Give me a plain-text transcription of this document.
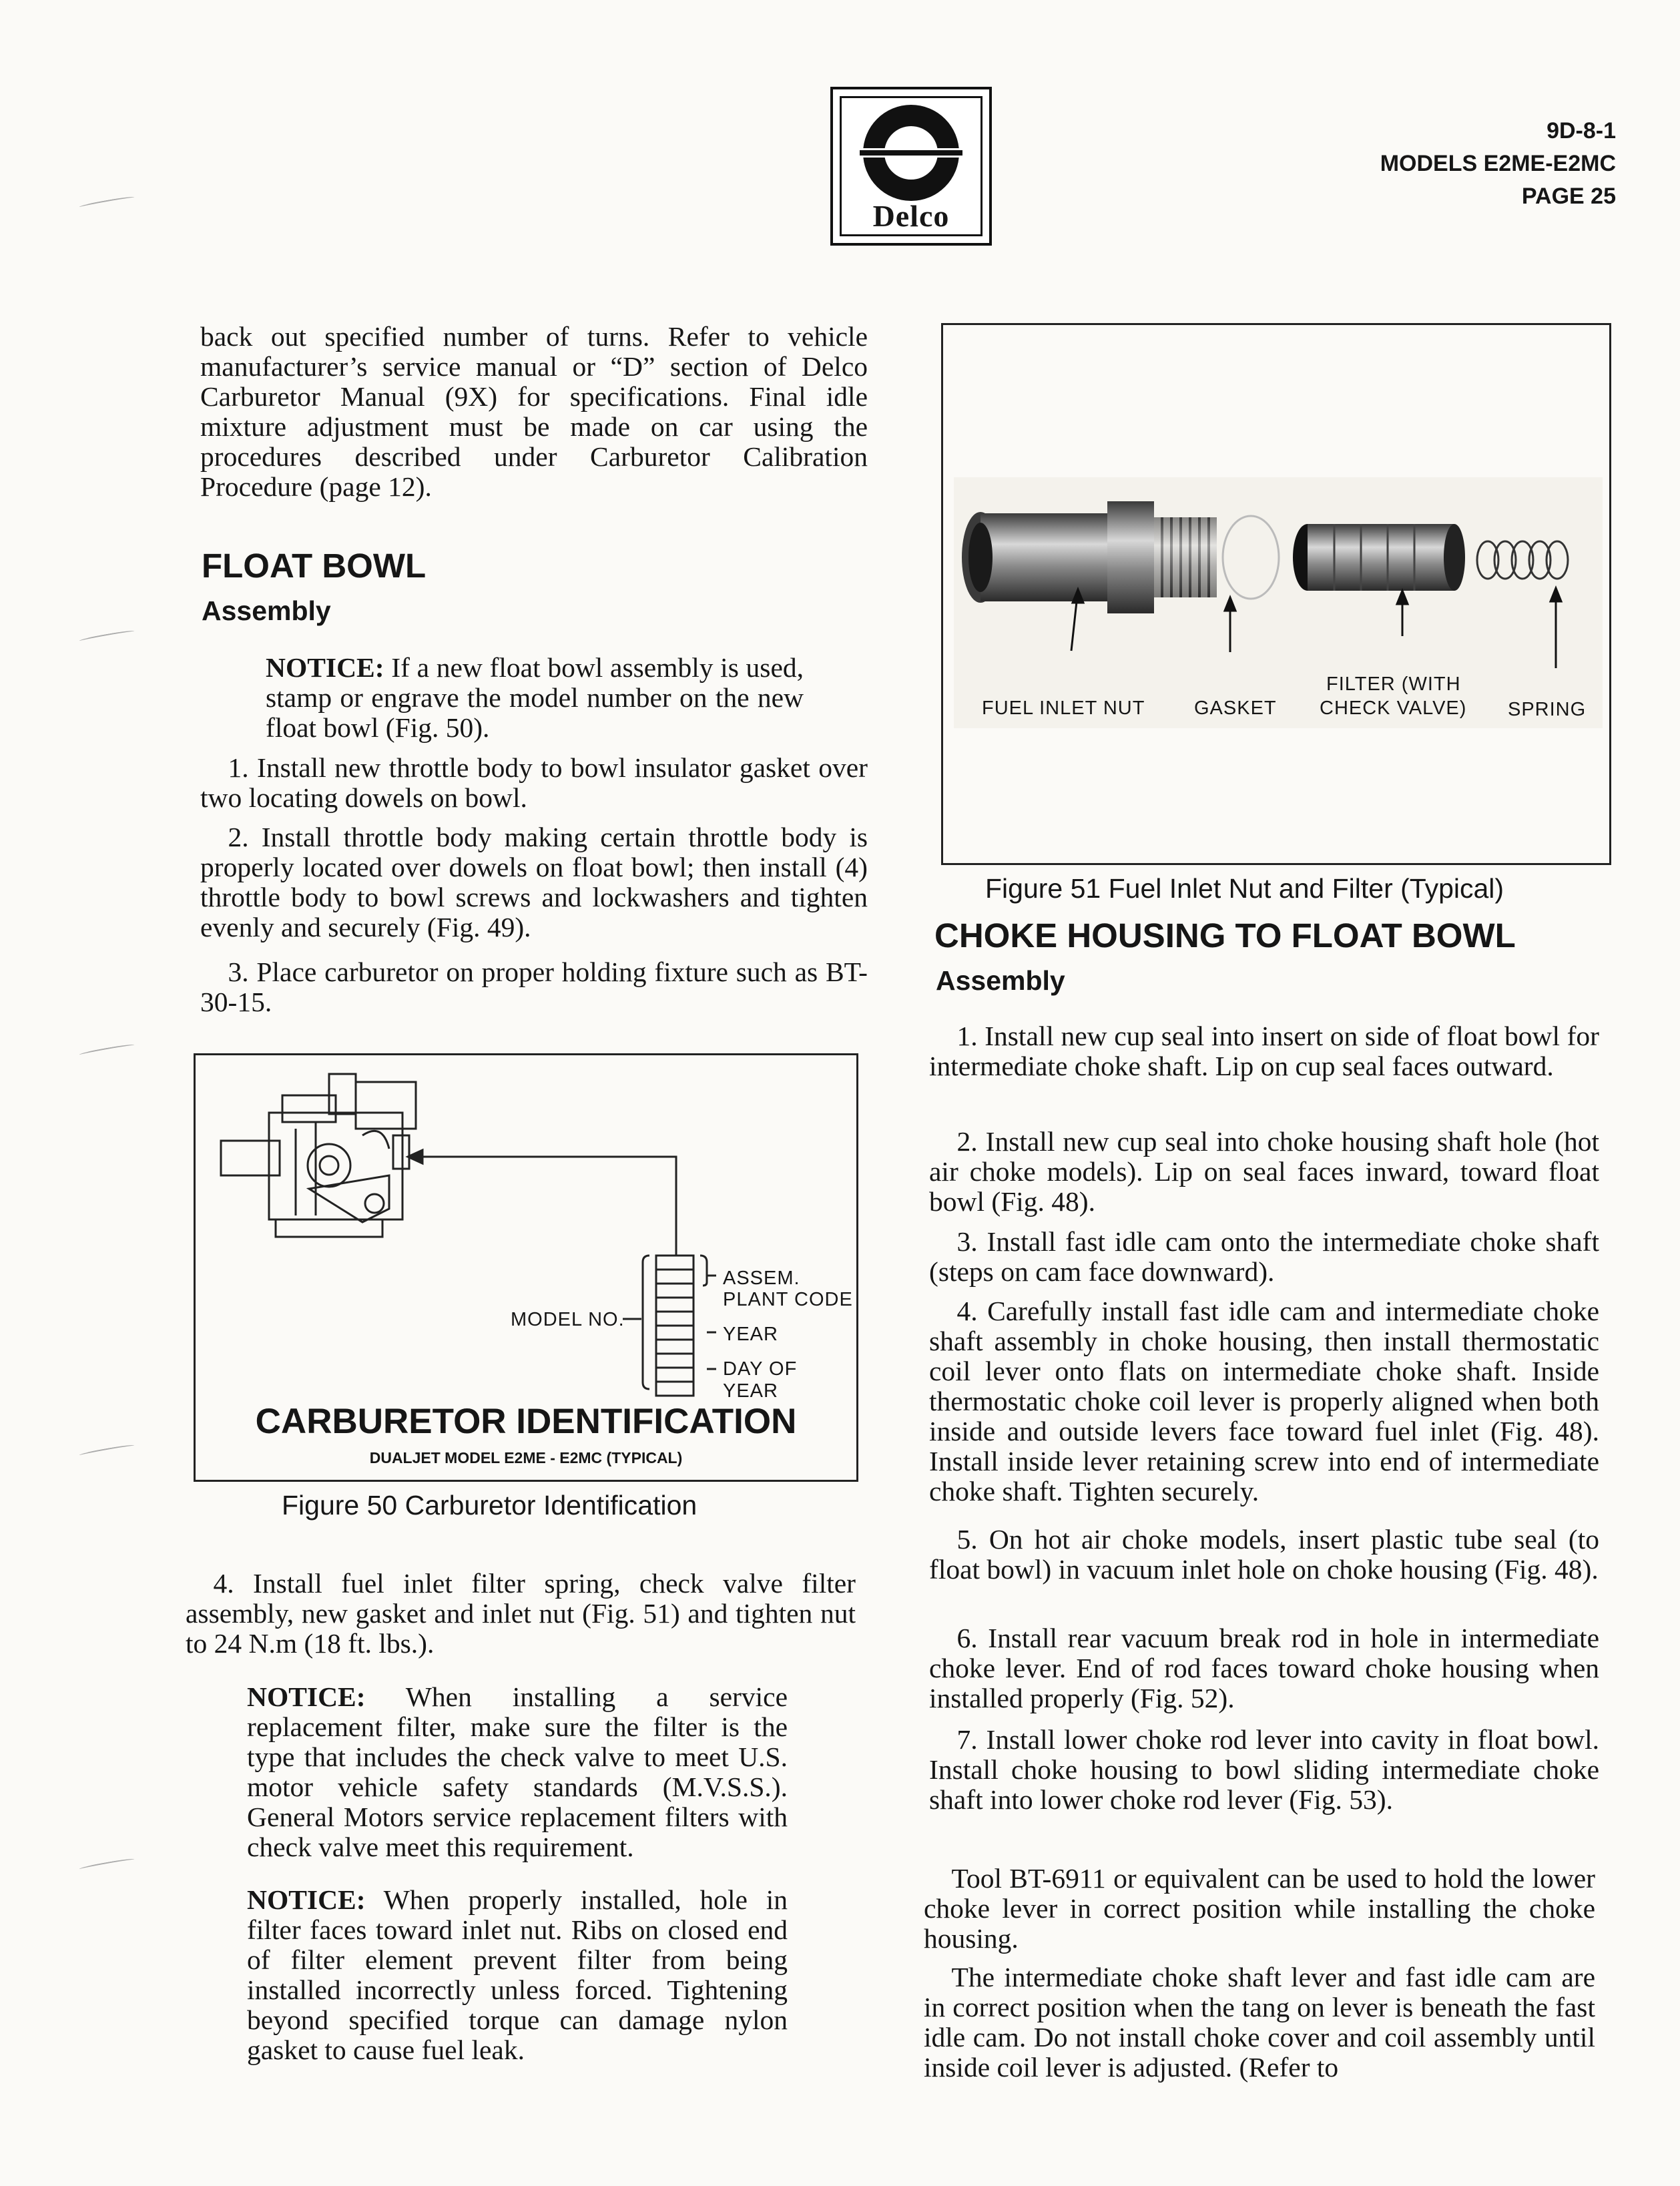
Delco
9D-8-1
MODELS E2ME-E2MC
PAGE 25

back out specified number of turns. Refer to vehicle manufacturer’s service manual or “D” section of Delco Carburetor Manual (9X) for specifications. Final idle mixture adjustment must be made on car using the procedures described under Carburetor Calibration Procedure (page 12).

FLOAT BOWL
Assembly

NOTICE: If a new float bowl assembly is used, stamp or engrave the model number on the new float bowl (Fig. 50).

1. Install new throttle body to bowl insulator gasket over two locating dowels on bowl.

2. Install throttle body making certain throttle body is properly located over dowels on float bowl; then install (4) throttle body to bowl screws and lockwashers and tighten evenly and securely (Fig. 49).

3. Place carburetor on proper holding fixture such as BT-30-15.

MODEL NO.
ASSEM.
PLANT CODE
YEAR
DAY OF YEAR
CARBURETOR IDENTIFICATION
DUALJET MODEL E2ME - E2MC (TYPICAL)
Figure 50 Carburetor Identification

4. Install fuel inlet filter spring, check valve filter assembly, new gasket and inlet nut (Fig. 51) and tighten nut to 24 N.m (18 ft. lbs.).

NOTICE: When installing a service replacement filter, make sure the filter is the type that includes the check valve to meet U.S. motor vehicle safety standards (M.V.S.S.). General Motors service replacement filters with check valve meet this requirement.

NOTICE: When properly installed, hole in filter faces toward inlet nut. Ribs on closed end of filter element prevent filter from being installed incorrectly unless forced. Tightening beyond specified torque can damage nylon gasket to cause fuel leak.

FUEL INLET NUT	GASKET
FILTER (WITH
CHECK VALVE) SPRING
Figure 51 Fuel Inlet Nut and Filter (Typical)
CHOKE HOUSING TO FLOAT BOWL
Assembly

1. Install new cup seal into insert on side of float bowl for intermediate choke shaft. Lip on cup seal faces outward.

2. Install new cup seal into choke housing shaft hole (hot air choke models). Lip on seal faces inward, toward float bowl (Fig. 48).

3. Install fast idle cam onto the intermediate choke shaft (steps on cam face downward).

4. Carefully install fast idle cam and intermediate choke shaft assembly in choke housing, then install thermostatic coil lever onto flats on intermediate choke shaft. Inside thermostatic choke coil lever is properly aligned when both inside and outside levers face toward fuel inlet (Fig. 48). Install inside lever retaining screw into end of intermediate choke shaft. Tighten securely.

5. On hot air choke models, insert plastic tube seal (to float bowl) in vacuum inlet hole on choke housing (Fig. 48).

6. Install rear vacuum break rod in hole in intermediate choke lever. End of rod faces toward choke housing when installed properly (Fig. 52).

7. Install lower choke rod lever into cavity in float bowl. Install choke housing to bowl sliding intermediate choke shaft into lower choke rod lever (Fig. 53).

Tool BT-6911 or equivalent can be used to hold the lower choke lever in correct position while installing the choke housing.

The intermediate choke shaft lever and fast idle cam are in correct position when the tang on lever is beneath the fast idle cam. Do not install choke cover and coil assembly until inside coil lever is adjusted. (Refer to
